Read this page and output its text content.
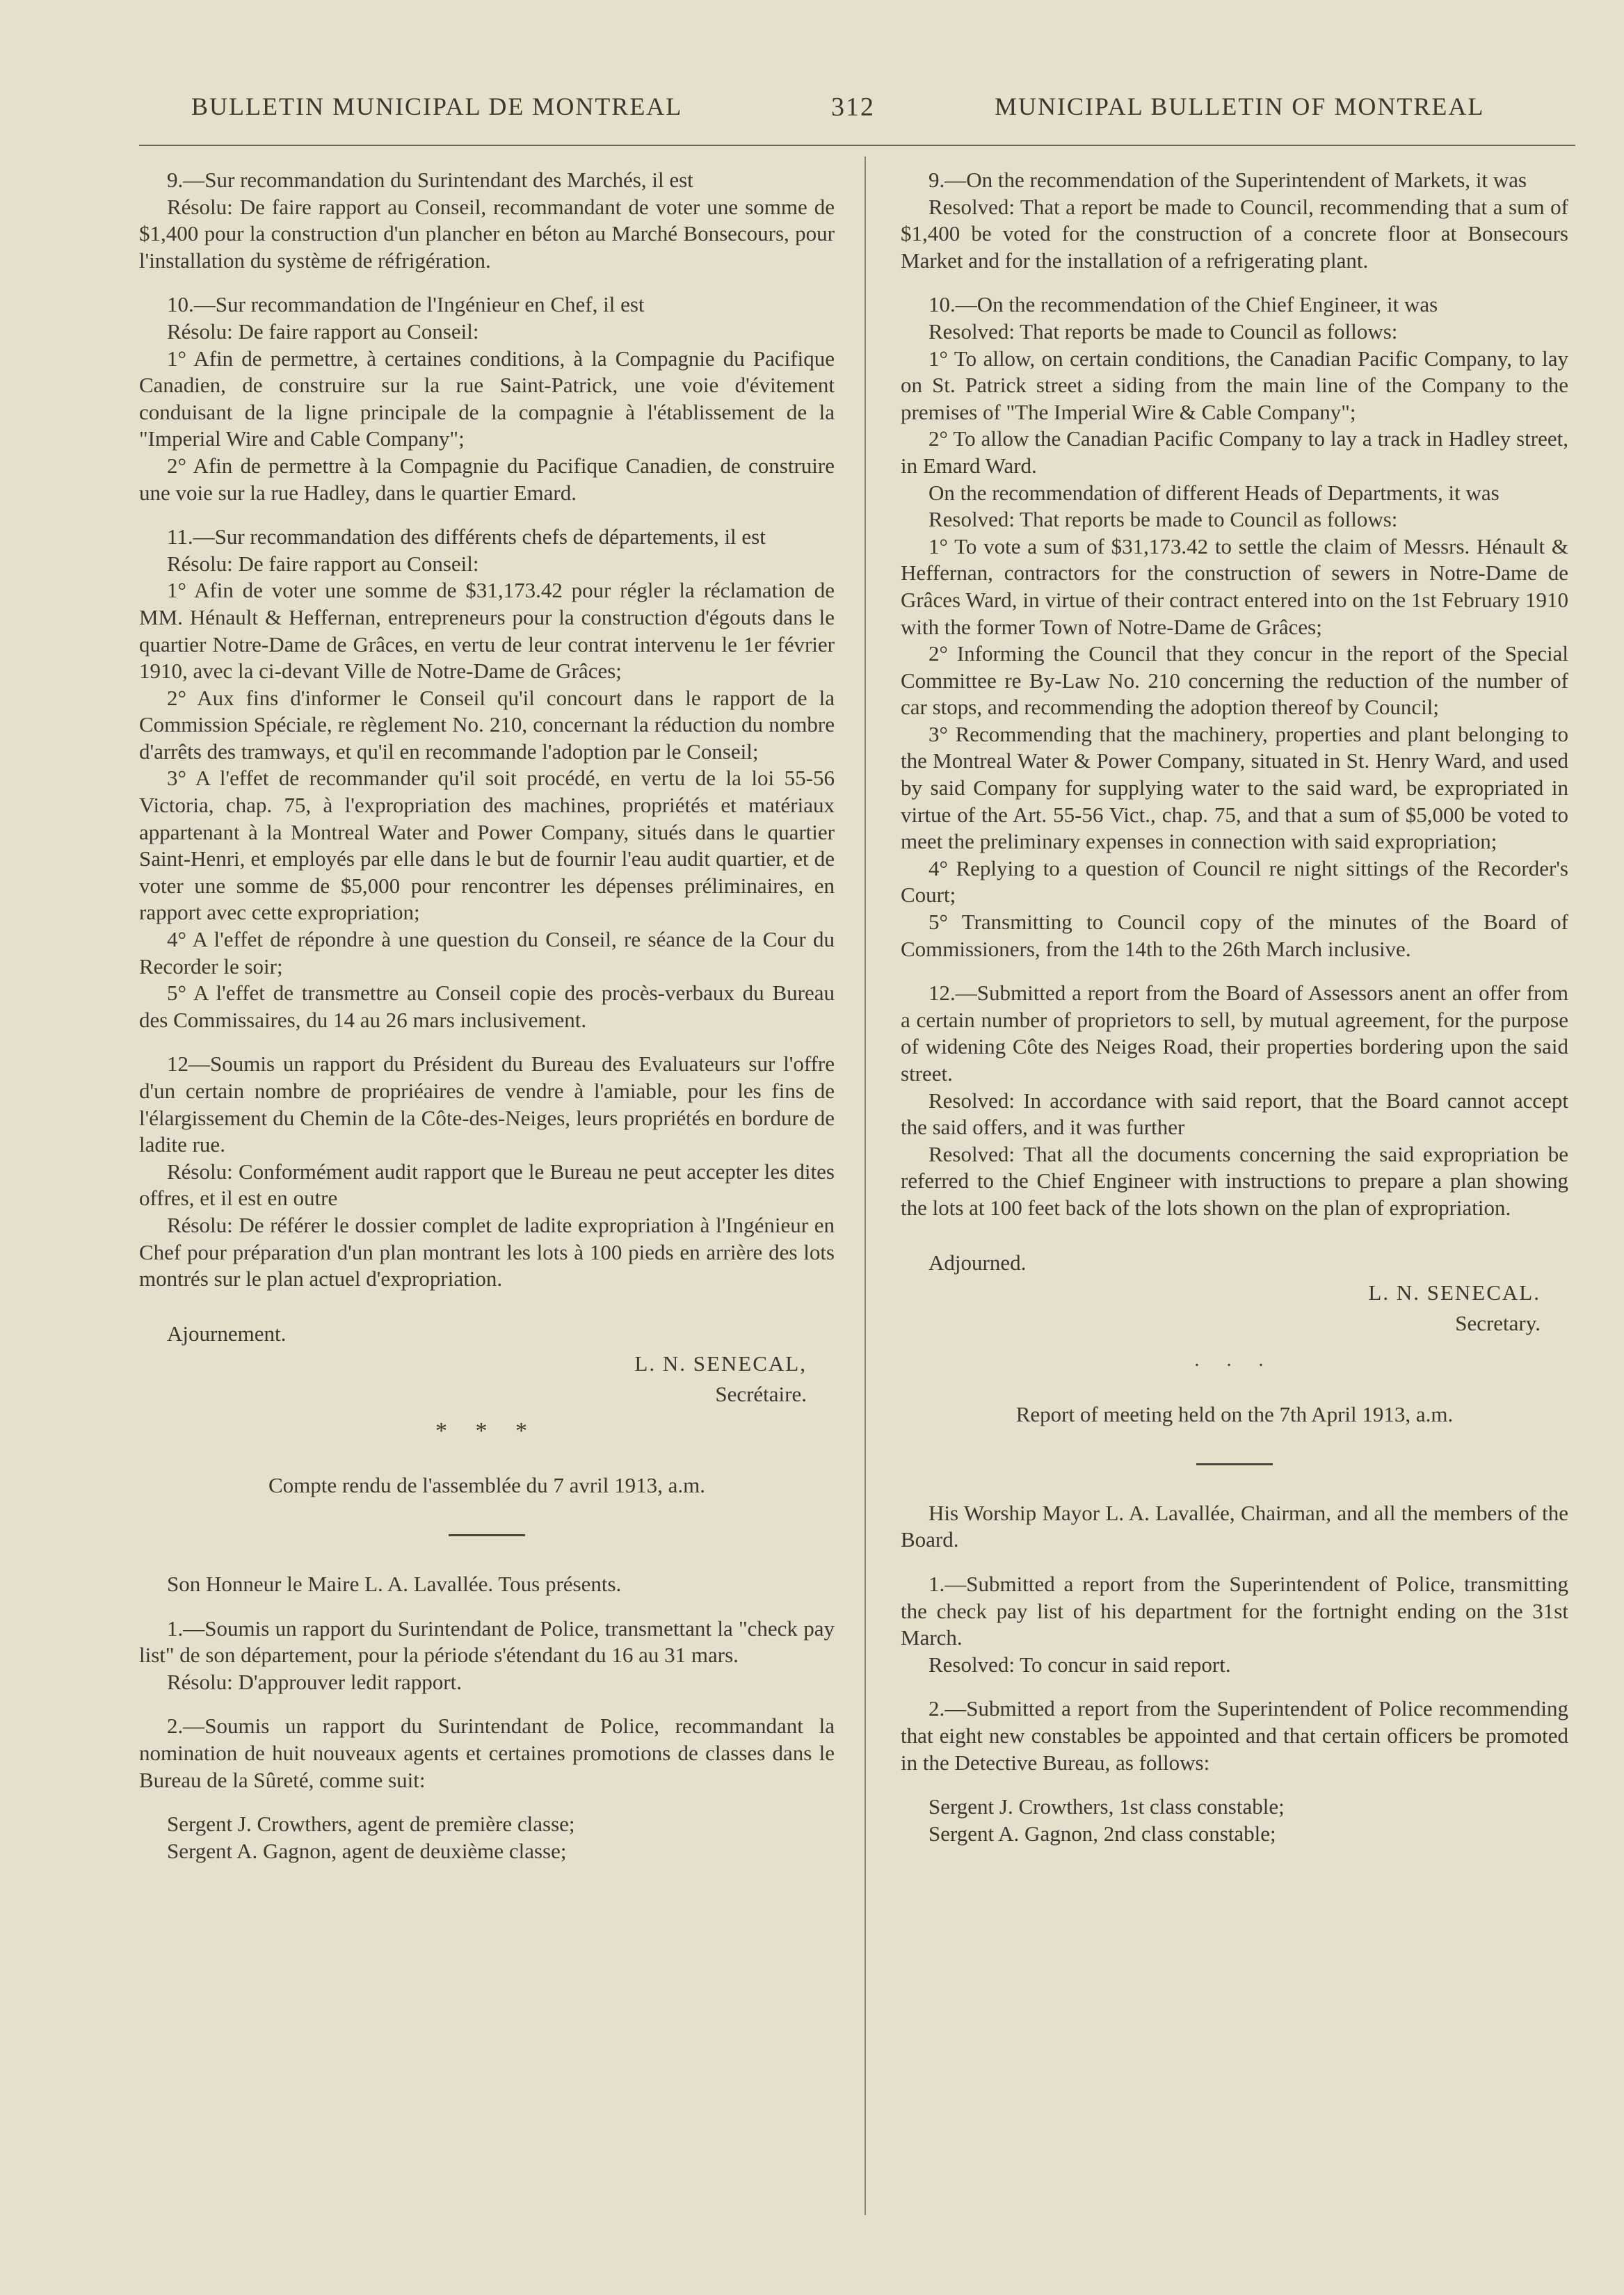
BULLETIN MUNICIPAL DE MONTREAL	312	MUNICIPAL BULLETIN OF MONTREAL

9.—Sur recommandation du Surintendant des Marchés, il est

Résolu: De faire rapport au Conseil, recommandant de voter une somme de $1,400 pour la construction d'un plancher en béton au Marché Bonsecours, pour l'installation du système de réfrigération.

10.—Sur recommandation de l'Ingénieur en Chef, il est

Résolu: De faire rapport au Conseil:

1° Afin de permettre, à certaines conditions, à la Compagnie du Pacifique Canadien, de construire sur la rue Saint-Patrick, une voie d'évitement conduisant de la ligne principale de la compagnie à l'établissement de la "Imperial Wire and Cable Company";

2° Afin de permettre à la Compagnie du Pacifique Canadien, de construire une voie sur la rue Hadley, dans le quartier Emard.

11.—Sur recommandation des différents chefs de départements, il est

Résolu: De faire rapport au Conseil:

1° Afin de voter une somme de $31,173.42 pour régler la réclamation de MM. Hénault & Heffernan, entrepreneurs pour la construction d'égouts dans le quartier Notre-Dame de Grâces, en vertu de leur contrat intervenu le 1er février 1910, avec la ci-devant Ville de Notre-Dame de Grâces;

2° Aux fins d'informer le Conseil qu'il concourt dans le rapport de la Commission Spéciale, re règlement No. 210, concernant la réduction du nombre d'arrêts des tramways, et qu'il en recommande l'adoption par le Conseil;

3° A l'effet de recommander qu'il soit procédé, en vertu de la loi 55-56 Victoria, chap. 75, à l'expropriation des machines, propriétés et matériaux appartenant à la Montreal Water and Power Company, situés dans le quartier Saint-Henri, et employés par elle dans le but de fournir l'eau audit quartier, et de voter une somme de $5,000 pour rencontrer les dépenses préliminaires, en rapport avec cette expropriation;

4° A l'effet de répondre à une question du Conseil, re séance de la Cour du Recorder le soir;

5° A l'effet de transmettre au Conseil copie des procès-verbaux du Bureau des Commissaires, du 14 au 26 mars inclusivement.

12—Soumis un rapport du Président du Bureau des Evaluateurs sur l'offre d'un certain nombre de propriéaires de vendre à l'amiable, pour les fins de l'élargissement du Chemin de la Côte-des-Neiges, leurs propriétés en bordure de ladite rue.

Résolu: Conformément audit rapport que le Bureau ne peut accepter les dites offres, et il est en outre

Résolu: De référer le dossier complet de ladite expropriation à l'Ingénieur en Chef pour préparation d'un plan montrant les lots à 100 pieds en arrière des lots montrés sur le plan actuel d'expropriation.

Ajournement.
L. N. SENECAL,
Secrétaire.
* * *

Compte rendu de l'assemblée du 7 avril 1913, a.m.

Son Honneur le Maire L. A. Lavallée. Tous présents.

1.—Soumis un rapport du Surintendant de Police, transmettant la "check pay list" de son département, pour la période s'étendant du 16 au 31 mars.

Résolu: D'approuver ledit rapport.

2.—Soumis un rapport du Surintendant de Police, recommandant la nomination de huit nouveaux agents et certaines promotions de classes dans le Bureau de la Sûreté, comme suit:

Sergent J. Crowthers, agent de première classe;

Sergent A. Gagnon, agent de deuxième classe;

9.—On the recommendation of the Superintendent of Markets, it was

Resolved: That a report be made to Council, recommending that a sum of $1,400 be voted for the construction of a concrete floor at Bonsecours Market and for the installation of a refrigerating plant.

10.—On the recommendation of the Chief Engineer, it was

Resolved: That reports be made to Council as follows:

1° To allow, on certain conditions, the Canadian Pacific Company, to lay on St. Patrick street a siding from the main line of the Company to the premises of "The Imperial Wire & Cable Company";

2° To allow the Canadian Pacific Company to lay a track in Hadley street, in Emard Ward.

On the recommendation of different Heads of Departments, it was

Resolved: That reports be made to Council as follows:

1° To vote a sum of $31,173.42 to settle the claim of Messrs. Hénault & Heffernan, contractors for the construction of sewers in Notre-Dame de Grâces Ward, in virtue of their contract entered into on the 1st February 1910 with the former Town of Notre-Dame de Grâces;

2° Informing the Council that they concur in the report of the Special Committee re By-Law No. 210 concerning the reduction of the number of car stops, and recommending the adoption thereof by Council;

3° Recommending that the machinery, properties and plant belonging to the Montreal Water & Power Company, situated in St. Henry Ward, and used by said Company for supplying water to the said ward, be expropriated in virtue of the Art. 55-56 Vict., chap. 75, and that a sum of $5,000 be voted to meet the preliminary expenses in connection with said expropriation;

4° Replying to a question of Council re night sittings of the Recorder's Court;

5° Transmitting to Council copy of the minutes of the Board of Commissioners, from the 14th to the 26th March inclusive.

12.—Submitted a report from the Board of Assessors anent an offer from a certain number of proprietors to sell, by mutual agreement, for the purpose of widening Côte des Neiges Road, their properties bordering upon the said street.

Resolved: In accordance with said report, that the Board cannot accept the said offers, and it was further

Resolved: That all the documents concerning the said expropriation be referred to the Chief Engineer with instructions to prepare a plan showing the lots at 100 feet back of the lots shown on the plan of expropriation.

Adjourned.
L. N. SENECAL.
Secretary.
. . .

Report of meeting held on the 7th April 1913, a.m.

His Worship Mayor L. A. Lavallée, Chairman, and all the members of the Board.

1.—Submitted a report from the Superintendent of Police, transmitting the check pay list of his department for the fortnight ending on the 31st March.

Resolved: To concur in said report.

2.—Submitted a report from the Superintendent of Police recommending that eight new constables be appointed and that certain officers be promoted in the Detective Bureau, as follows:

Sergent J. Crowthers, 1st class constable;

Sergent A. Gagnon, 2nd class constable;
